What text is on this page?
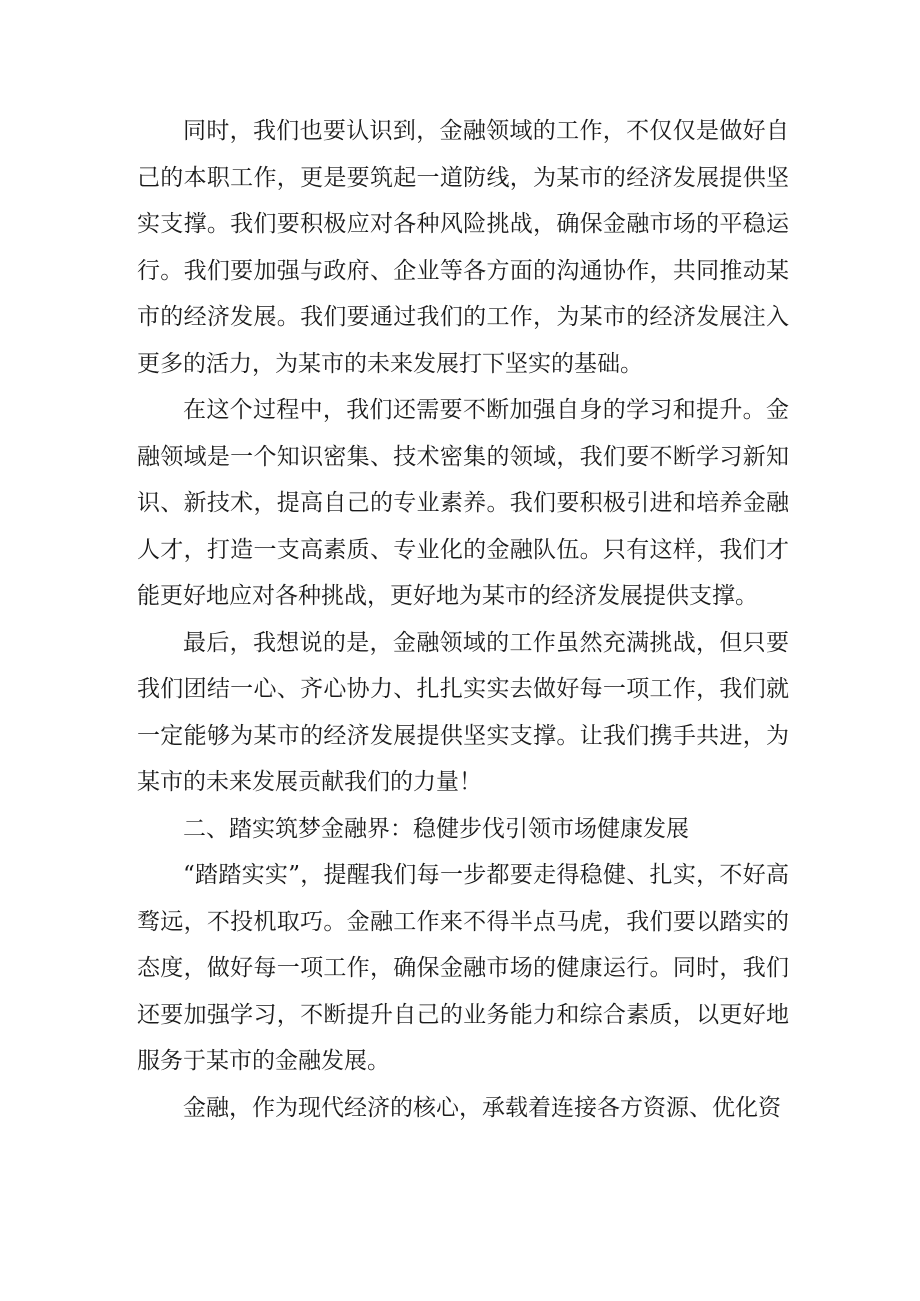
同时，我们也要认识到，金融领域的工作，不仅仅是做好自己的本职工作，更是要筑起一道防线，为某市的经济发展提供坚实支撑。我们要积极应对各种风险挑战，确保金融市场的平稳运行。我们要加强与政府、企业等各方面的沟通协作，共同推动某市的经济发展。我们要通过我们的工作，为某市的经济发展注入更多的活力，为某市的未来发展打下坚实的基础。

在这个过程中，我们还需要不断加强自身的学习和提升。金融领域是一个知识密集、技术密集的领域，我们要不断学习新知识、新技术，提高自己的专业素养。我们要积极引进和培养金融人才，打造一支高素质、专业化的金融队伍。只有这样，我们才能更好地应对各种挑战，更好地为某市的经济发展提供支撑。

最后，我想说的是，金融领域的工作虽然充满挑战，但只要我们团结一心、齐心协力、扎扎实实去做好每一项工作，我们就一定能够为某市的经济发展提供坚实支撑。让我们携手共进，为某市的未来发展贡献我们的力量！

二、踏实筑梦金融界：稳健步伐引领市场健康发展

“踏踏实实”，提醒我们每一步都要走得稳健、扎实，不好高骛远，不投机取巧。金融工作来不得半点马虎，我们要以踏实的态度，做好每一项工作，确保金融市场的健康运行。同时，我们还要加强学习，不断提升自己的业务能力和综合素质，以更好地服务于某市的金融发展。

金融，作为现代经济的核心，承载着连接各方资源、优化资
